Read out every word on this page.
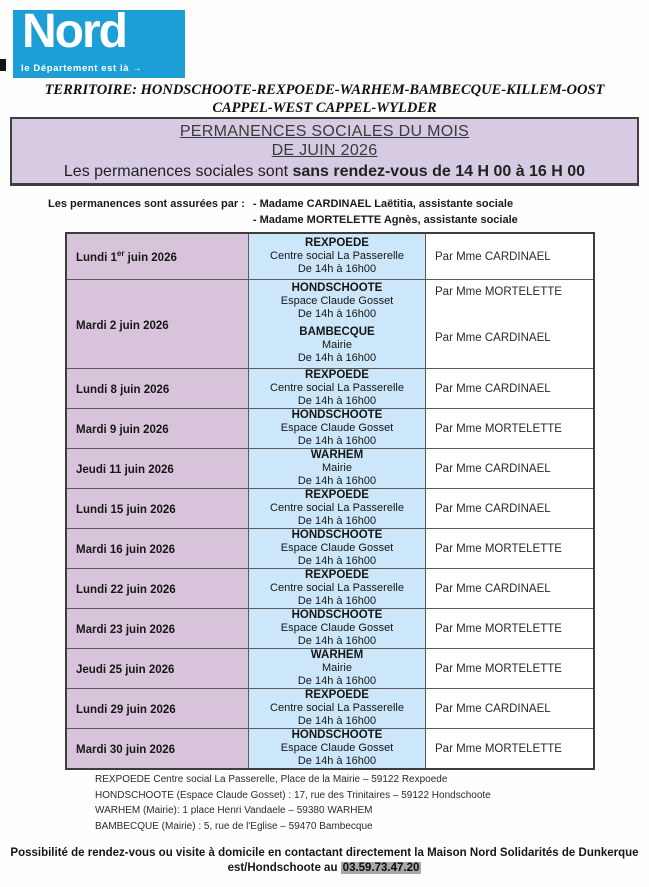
Nord
le Département est là →
TERRITOIRE: HONDSCHOOTE-REXPOEDE-WARHEM-BAMBECQUE-KILLEM-OOST
CAPPEL-WEST CAPPEL-WYLDER
PERMANENCES SOCIALES DU MOIS
DE JUIN 2026
Les permanences sociales sont sans rendez-vous de 14 H 00 à 16 H 00
Les permanences sont assurées par : - Madame CARDINAEL Laëtitia, assistante sociale
- Madame MORTELETTE Agnès, assistante sociale
Lundi 1er juin 2026
REXPOEDE
Centre social La Passerelle
De 14h à 16h00
Par Mme CARDINAEL
Mardi 2 juin 2026
HONDSCHOOTE
Espace Claude Gosset
De 14h à 16h00
BAMBECQUE
Mairie
De 14h à 16h00
Par Mme MORTELETTE
Par Mme CARDINAEL
Lundi 8 juin 2026
REXPOEDE
Centre social La Passerelle
De 14h à 16h00
Par Mme CARDINAEL
Mardi 9 juin 2026
HONDSCHOOTE
Espace Claude Gosset
De 14h à 16h00
Par Mme MORTELETTE
Jeudi 11 juin 2026
WARHEM
Mairie
De 14h à 16h00
Par Mme CARDINAEL
Lundi 15 juin 2026
REXPOEDE
Centre social La Passerelle
De 14h à 16h00
Par Mme CARDINAEL
Mardi 16 juin 2026
HONDSCHOOTE
Espace Claude Gosset
De 14h à 16h00
Par Mme MORTELETTE
Lundi 22 juin 2026
REXPOEDE
Centre social La Passerelle
De 14h à 16h00
Par Mme CARDINAEL
Mardi 23 juin 2026
HONDSCHOOTE
Espace Claude Gosset
De 14h à 16h00
Par Mme MORTELETTE
Jeudi 25 juin 2026
WARHEM
Mairie
De 14h à 16h00
Par Mme MORTELETTE
Lundi 29 juin 2026
REXPOEDE
Centre social La Passerelle
De 14h à 16h00
Par Mme CARDINAEL
Mardi 30 juin 2026
HONDSCHOOTE
Espace Claude Gosset
De 14h à 16h00
Par Mme MORTELETTE
REXPOEDE Centre social La Passerelle, Place de la Mairie – 59122 Rexpoede
HONDSCHOOTE (Espace Claude Gosset) : 17, rue des Trinitaires – 59122 Hondschoote
WARHEM (Mairie): 1 place Henri Vandaele – 59380 WARHEM
BAMBECQUE (Mairie) : 5, rue de l'Eglise – 59470 Bambecque
Possibilité de rendez-vous ou visite à domicile en contactant directement la Maison Nord Solidarités de Dunkerque
est/Hondschoote au 03.59.73.47.20
